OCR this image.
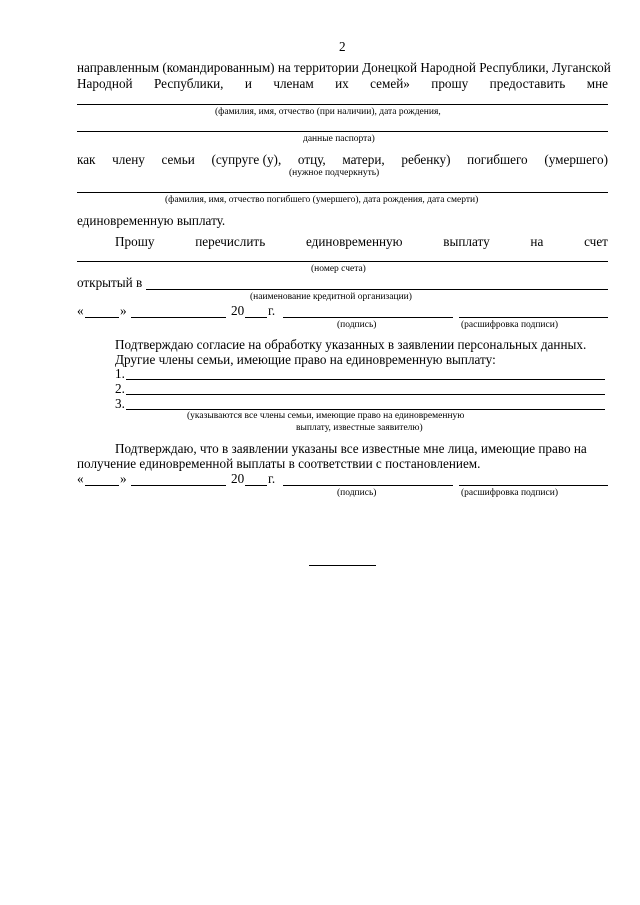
2
направленным (командированным) на территории Донецкой Народной Республики, Луганской
Народной Республики, и членам их семей» прошу предоставить мне
(фамилия, имя, отчество (при наличии), дата рождения,
данные паспорта)
как члену семьи (супруге (у), отцу, матери, ребенку) погибшего (умершего)
(нужное подчеркнуть)
(фамилия, имя, отчество погибшего (умершего), дата рождения, дата смерти)
единовременную выплату.
Прошу	перечислить	единовременную	выплату	на	счет
(номер счета)
открытый в
(наименование кредитной организации)
«	»	20 г.
(подпись)	(расшифровка подписи)
Подтверждаю согласие на обработку указанных в заявлении персональных данных.
Другие члены семьи, имеющие право на единовременную выплату:
1.
2.
3.
(указываются все члены семьи, имеющие право на единовременную
выплату, известные заявителю)
Подтверждаю, что в заявлении указаны все известные мне лица, имеющие право на
получение единовременной выплаты в соответствии с постановлением.
«	»	20 г.
(подпись)	(расшифровка подписи)
